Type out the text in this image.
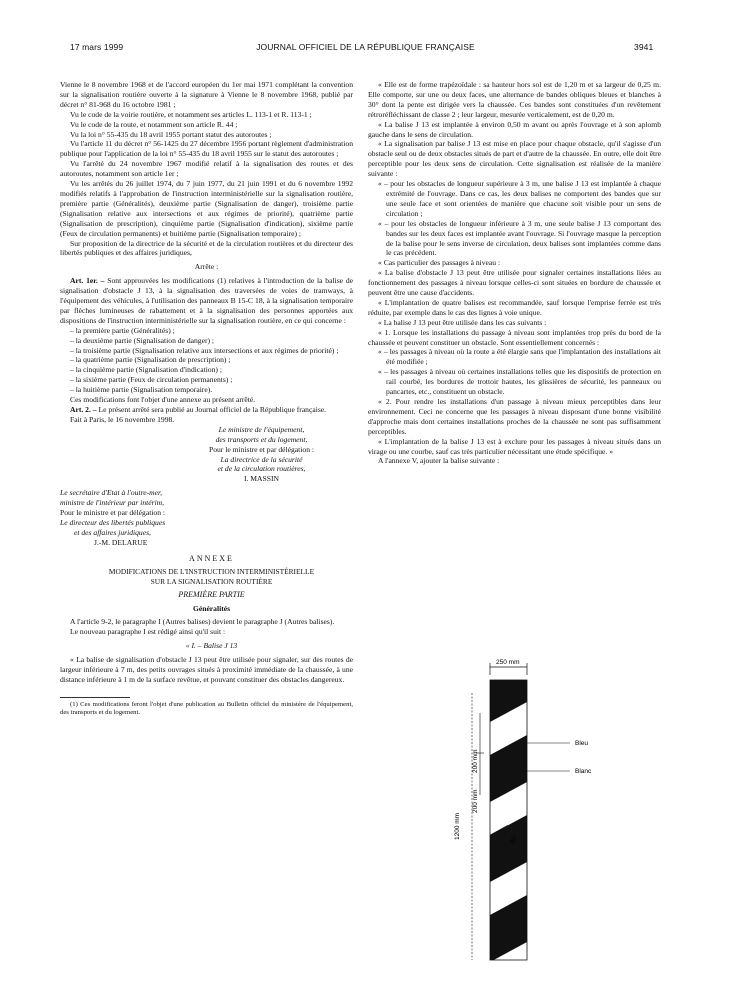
17 mars 1999	JOURNAL OFFICIEL DE LA RÉPUBLIQUE FRANÇAISE	3941

Vienne le 8 novembre 1968 et de l'accord européen du 1er mai 1971 complétant la convention sur la signalisation routière ouverte à la signature à Vienne le 8 novembre 1968, publié par décret n° 81-968 du 16 octobre 1981 ;

Vu le code de la voirie routière, et notamment ses articles L. 113-1 et R. 113-1 ;

Vu le code de la route, et notamment son article R. 44 ;

Vu la loi n° 55-435 du 18 avril 1955 portant statut des autoroutes ;

Vu l'article 11 du décret n° 56-1425 du 27 décembre 1956 portant règlement d'administration publique pour l'application de la loi n° 55-435 du 18 avril 1955 sur le statut des autoroutes ;

Vu l'arrêté du 24 novembre 1967 modifié relatif à la signalisation des routes et des autoroutes, notamment son article 1er ;

Vu les arrêtés du 26 juillet 1974, du 7 juin 1977, du 21 juin 1991 et du 6 novembre 1992 modifiés relatifs à l'approbation de l'instruction interministérielle sur la signalisation routière, première partie (Généralités), deuxième partie (Signalisation de danger), troisième partie (Signalisation relative aux intersections et aux régimes de priorité), quatrième partie (Signalisation de prescription), cinquième partie (Signalisation d'indication), sixième partie (Feux de circulation permanents) et huitième partie (Signalisation temporaire) ;

Sur proposition de la directrice de la sécurité et de la circulation routières et du directeur des libertés publiques et des affaires juridiques,

Arrête :

Art. 1er. – Sont approuvées les modifications (1) relatives à l'introduction de la balise de signalisation d'obstacle J 13, à la signalisation des traversées de voies de tramways, à l'équipement des véhicules, à l'utilisation des panneaux B 15-C 18, à la signalisation temporaire par flèches lumineuses de rabattement et à la signalisation des personnes apportées aux dispositions de l'instruction interministérielle sur la signalisation routière, en ce qui concerne :

– la première partie (Généralités) ;

– la deuxième partie (Signalisation de danger) ;

– la troisième partie (Signalisation relative aux intersections et aux régimes de priorité) ;

– la quatrième partie (Signalisation de prescription) ;

– la cinquième partie (Signalisation d'indication) ;

– la sixième partie (Feux de circulation permanents) ;

– la huitième partie (Signalisation temporaire).

Ces modifications font l'objet d'une annexe au présent arrêté.

Art. 2. – Le présent arrêté sera publié au Journal officiel de la République française.

Fait à Paris, le 16 novembre 1998.

Le ministre de l'équipement,

des transports et du logement,

Pour le ministre et par délégation :

La directrice de la sécurité

et de la circulation routières,

I. MASSIN

Le secrétaire d'Etat à l'outre-mer,

ministre de l'intérieur par intérim,

Pour le ministre et par délégation :

Le directeur des libertés publiques

et des affaires juridiques,

J.-M. DELARUE

ANNEXE

MODIFICATIONS DE L'INSTRUCTION INTERMINISTÉRIELLE

SUR LA SIGNALISATION ROUTIÈRE

PREMIÈRE PARTIE

Généralités

A l'article 9-2, le paragraphe I (Autres balises) devient le paragraphe J (Autres balises).

Le nouveau paragraphe I est rédigé ainsi qu'il suit :

« I. – Balise J 13

« La balise de signalisation d'obstacle J 13 peut être utilisée pour signaler, sur des routes de largeur inférieure à 7 m, des petits ouvrages situés à proximité immédiate de la chaussée, à une distance inférieure à 1 m de la surface revêtue, et pouvant constituer des obstacles dangereux.

(1) Ces modifications feront l'objet d'une publication au Bulletin officiel du ministère de l'équipement, des transports et du logement.

« Elle est de forme trapézoïdale : sa hauteur hors sol est de 1,20 m et sa largeur de 0,25 m. Elle comporte, sur une ou deux faces, une alternance de bandes obliques bleues et blanches à 30° dont la pente est dirigée vers la chaussée. Ces bandes sont constituées d'un revêtement rétroréfléchissant de classe 2 ; leur largeur, mesurée verticalement, est de 0,20 m.

« La balise J 13 est implantée à environ 0,50 m avant ou après l'ouvrage et à son aplomb gauche dans le sens de circulation.

« La signalisation par balise J 13 est mise en place pour chaque obstacle, qu'il s'agisse d'un obstacle seul ou de deux obstacles situés de part et d'autre de la chaussée. En outre, elle doit être perceptible pour les deux sens de circulation. Cette signalisation est réalisée de la manière suivante :

« – pour les obstacles de longueur supérieure à 3 m, une balise J 13 est implantée à chaque extrémité de l'ouvrage. Dans ce cas, les deux balises ne comportent des bandes que sur une seule face et sont orientées de manière que chacune soit visible pour un sens de circulation ;

« – pour les obstacles de longueur inférieure à 3 m, une seule balise J 13 comportant des bandes sur les deux faces est implantée avant l'ouvrage. Si l'ouvrage masque la perception de la balise pour le sens inverse de circulation, deux balises sont implantées comme dans le cas précédent.

« Cas particulier des passages à niveau :

« La balise d'obstacle J 13 peut être utilisée pour signaler certaines installations liées au fonctionnement des passages à niveau lorsque celles-ci sont situées en bordure de chaussée et peuvent être une cause d'accidents.

« L'implantation de quatre balises est recommandée, sauf lorsque l'emprise ferrée est très réduite, par exemple dans le cas des lignes à voie unique.

« La balise J 13 peut être utilisée dans les cas suivants :

« 1. Lorsque les installations du passage à niveau sont implantées trop près du bord de la chaussée et peuvent constituer un obstacle. Sont essentiellement concernés :

« – les passages à niveau où la route a été élargie sans que l'implantation des installations ait été modifiée ;

« – les passages à niveau où certaines installations telles que les dispositifs de protection en rail courbé, les bordures de trottoir hautes, les glissières de sécurité, les panneaux ou pancartes, etc., constituent un obstacle.

« 2. Pour rendre les installations d'un passage à niveau mieux perceptibles dans leur environnement. Ceci ne concerne que les passages à niveau disposant d'une bonne visibilité d'approche mais dont certaines installations proches de la chaussée ne sont pas suffisamment perceptibles.

« L'implantation de la balise J 13 est à exclure pour les passages à niveau situés dans un virage ou une courbe, sauf cas très particulier nécessitant une étude spécifique. »

A l'annexe V, ajouter la balise suivante :

250 mm
1200 mm
200 mm
200 mm
30°
Bleu
Blanc
